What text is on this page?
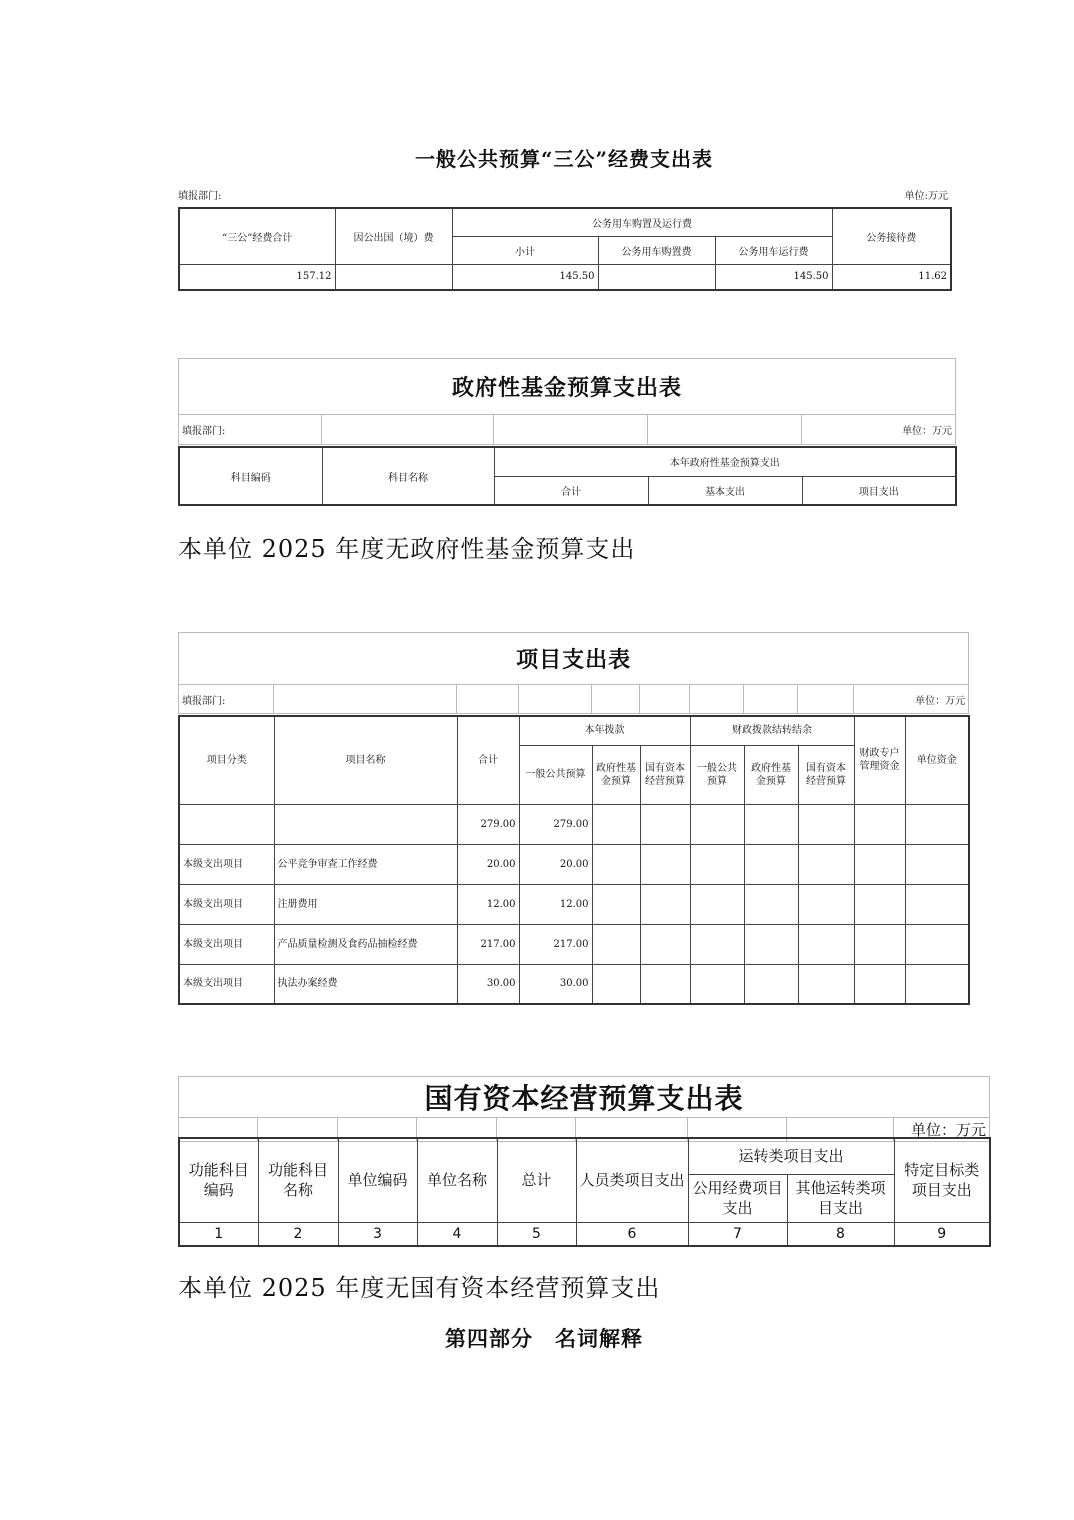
一般公共预算“三公”经费支出表
填报部门:	单位:万元
“三公”经费合计	因公出国（境）费	公务用车购置及运行费			公务接待费
		小计	公务用车购置费	公务用车运行费	
157.12		145.50		145.50	11.62
政府性基金预算支出表
填报部门:				单位：万元
科目编码	科目名称	本年政府性基金预算支出		
		合计	基本支出	项目支出
本单位 2025 年度无政府性基金预算支出
项目支出表
填报部门:									单位：万元
项目分类	项目名称	合计	本年拨款			财政拨款结转结余			财政专户管理资金	单位资金
			一般公共预算	政府性基金预算	国有资本经营预算	一般公共预算	政府性基金预算	国有资本经营预算		
		279.00	279.00							
本级支出项目	公平竞争审查工作经费	20.00	20.00							
本级支出项目	注册费用	12.00	12.00							
本级支出项目	产品质量检测及食药品抽检经费	217.00	217.00							
本级支出项目	执法办案经费	30.00	30.00							
国有资本经营预算支出表
								单位：万元
功能科目编码	功能科目名称	单位编码	单位名称	总计	人员类项目支出	运转类项目支出		特定目标类项目支出
						公用经费项目支出	其他运转类项目支出	
1	2	3	4	5	6	7	8	9
本单位 2025 年度无国有资本经营预算支出
第四部分　名词解释
